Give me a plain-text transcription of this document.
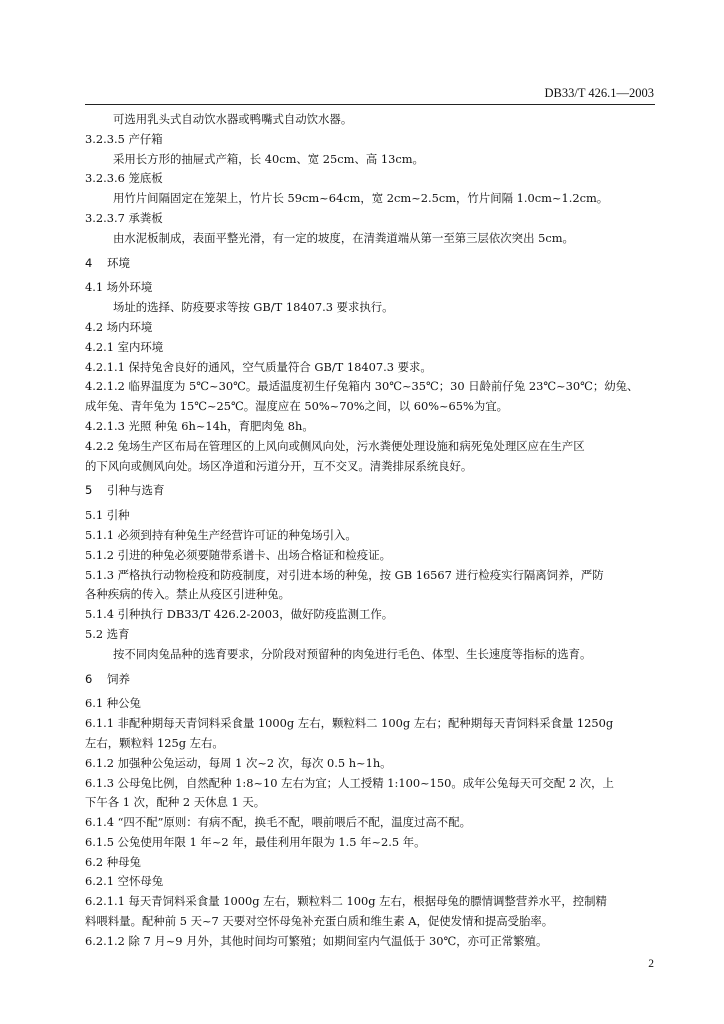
DB33/T 426.1—2003
可选用乳头式自动饮水器或鸭嘴式自动饮水器。
3.2.3.5 产仔箱
采用长方形的抽屉式产箱，长 40cm、宽 25cm、高 13cm。
3.2.3.6 笼底板
用竹片间隔固定在笼架上，竹片长 59cm~64cm，宽 2cm~2.5cm，竹片间隔 1.0cm~1.2cm。
3.2.3.7 承粪板
由水泥板制成，表面平整光滑，有一定的坡度，在清粪道端从第一至第三层依次突出 5cm。
4 环境
4.1 场外环境
场址的选择、防疫要求等按 GB/T 18407.3 要求执行。
4.2 场内环境
4.2.1 室内环境
4.2.1.1 保持兔舍良好的通风，空气质量符合 GB/T 18407.3 要求。
4.2.1.2 临界温度为 5℃~30℃。最适温度初生仔兔箱内 30℃~35℃；30 日龄前仔兔 23℃~30℃；幼兔、
成年兔、青年兔为 15℃~25℃。湿度应在 50%~70%之间，以 60%~65%为宜。
4.2.1.3 光照 种兔 6h~14h，育肥肉兔 8h。
4.2.2 兔场生产区布局在管理区的上风向或侧风向处，污水粪便处理设施和病死兔处理区应在生产区
的下风向或侧风向处。场区净道和污道分开，互不交叉。清粪排尿系统良好。
5 引种与选育
5.1 引种
5.1.1 必须到持有种兔生产经营许可证的种兔场引入。
5.1.2 引进的种兔必须要随带系谱卡、出场合格证和检疫证。
5.1.3 严格执行动物检疫和防疫制度，对引进本场的种兔，按 GB 16567 进行检疫实行隔离饲养，严防
各种疾病的传入。禁止从疫区引进种兔。
5.1.4 引种执行 DB33/T 426.2-2003，做好防疫监测工作。
5.2 选育
按不同肉兔品种的选育要求，分阶段对预留种的肉兔进行毛色、体型、生长速度等指标的选育。
6 饲养
6.1 种公兔
6.1.1 非配种期每天青饲料采食量 1000g 左右，颗粒料二 100g 左右；配种期每天青饲料采食量 1250g
左右，颗粒料 125g 左右。
6.1.2 加强种公兔运动，每周 1 次~2 次，每次 0.5 h~1h。
6.1.3 公母兔比例，自然配种 1:8~10 左右为宜；人工授精 1:100~150。成年公兔每天可交配 2 次，上
下午各 1 次，配种 2 天休息 1 天。
6.1.4 “四不配”原则：有病不配，换毛不配，喂前喂后不配，温度过高不配。
6.1.5 公兔使用年限 1 年~2 年，最佳利用年限为 1.5 年~2.5 年。
6.2 种母兔
6.2.1 空怀母兔
6.2.1.1 每天青饲料采食量 1000g 左右，颗粒料二 100g 左右，根据母兔的膘情调整营养水平，控制精
料喂料量。配种前 5 天~7 天要对空怀母兔补充蛋白质和维生素 A，促使发情和提高受胎率。
6.2.1.2 除 7 月~9 月外，其他时间均可繁殖；如期间室内气温低于 30℃，亦可正常繁殖。
2
